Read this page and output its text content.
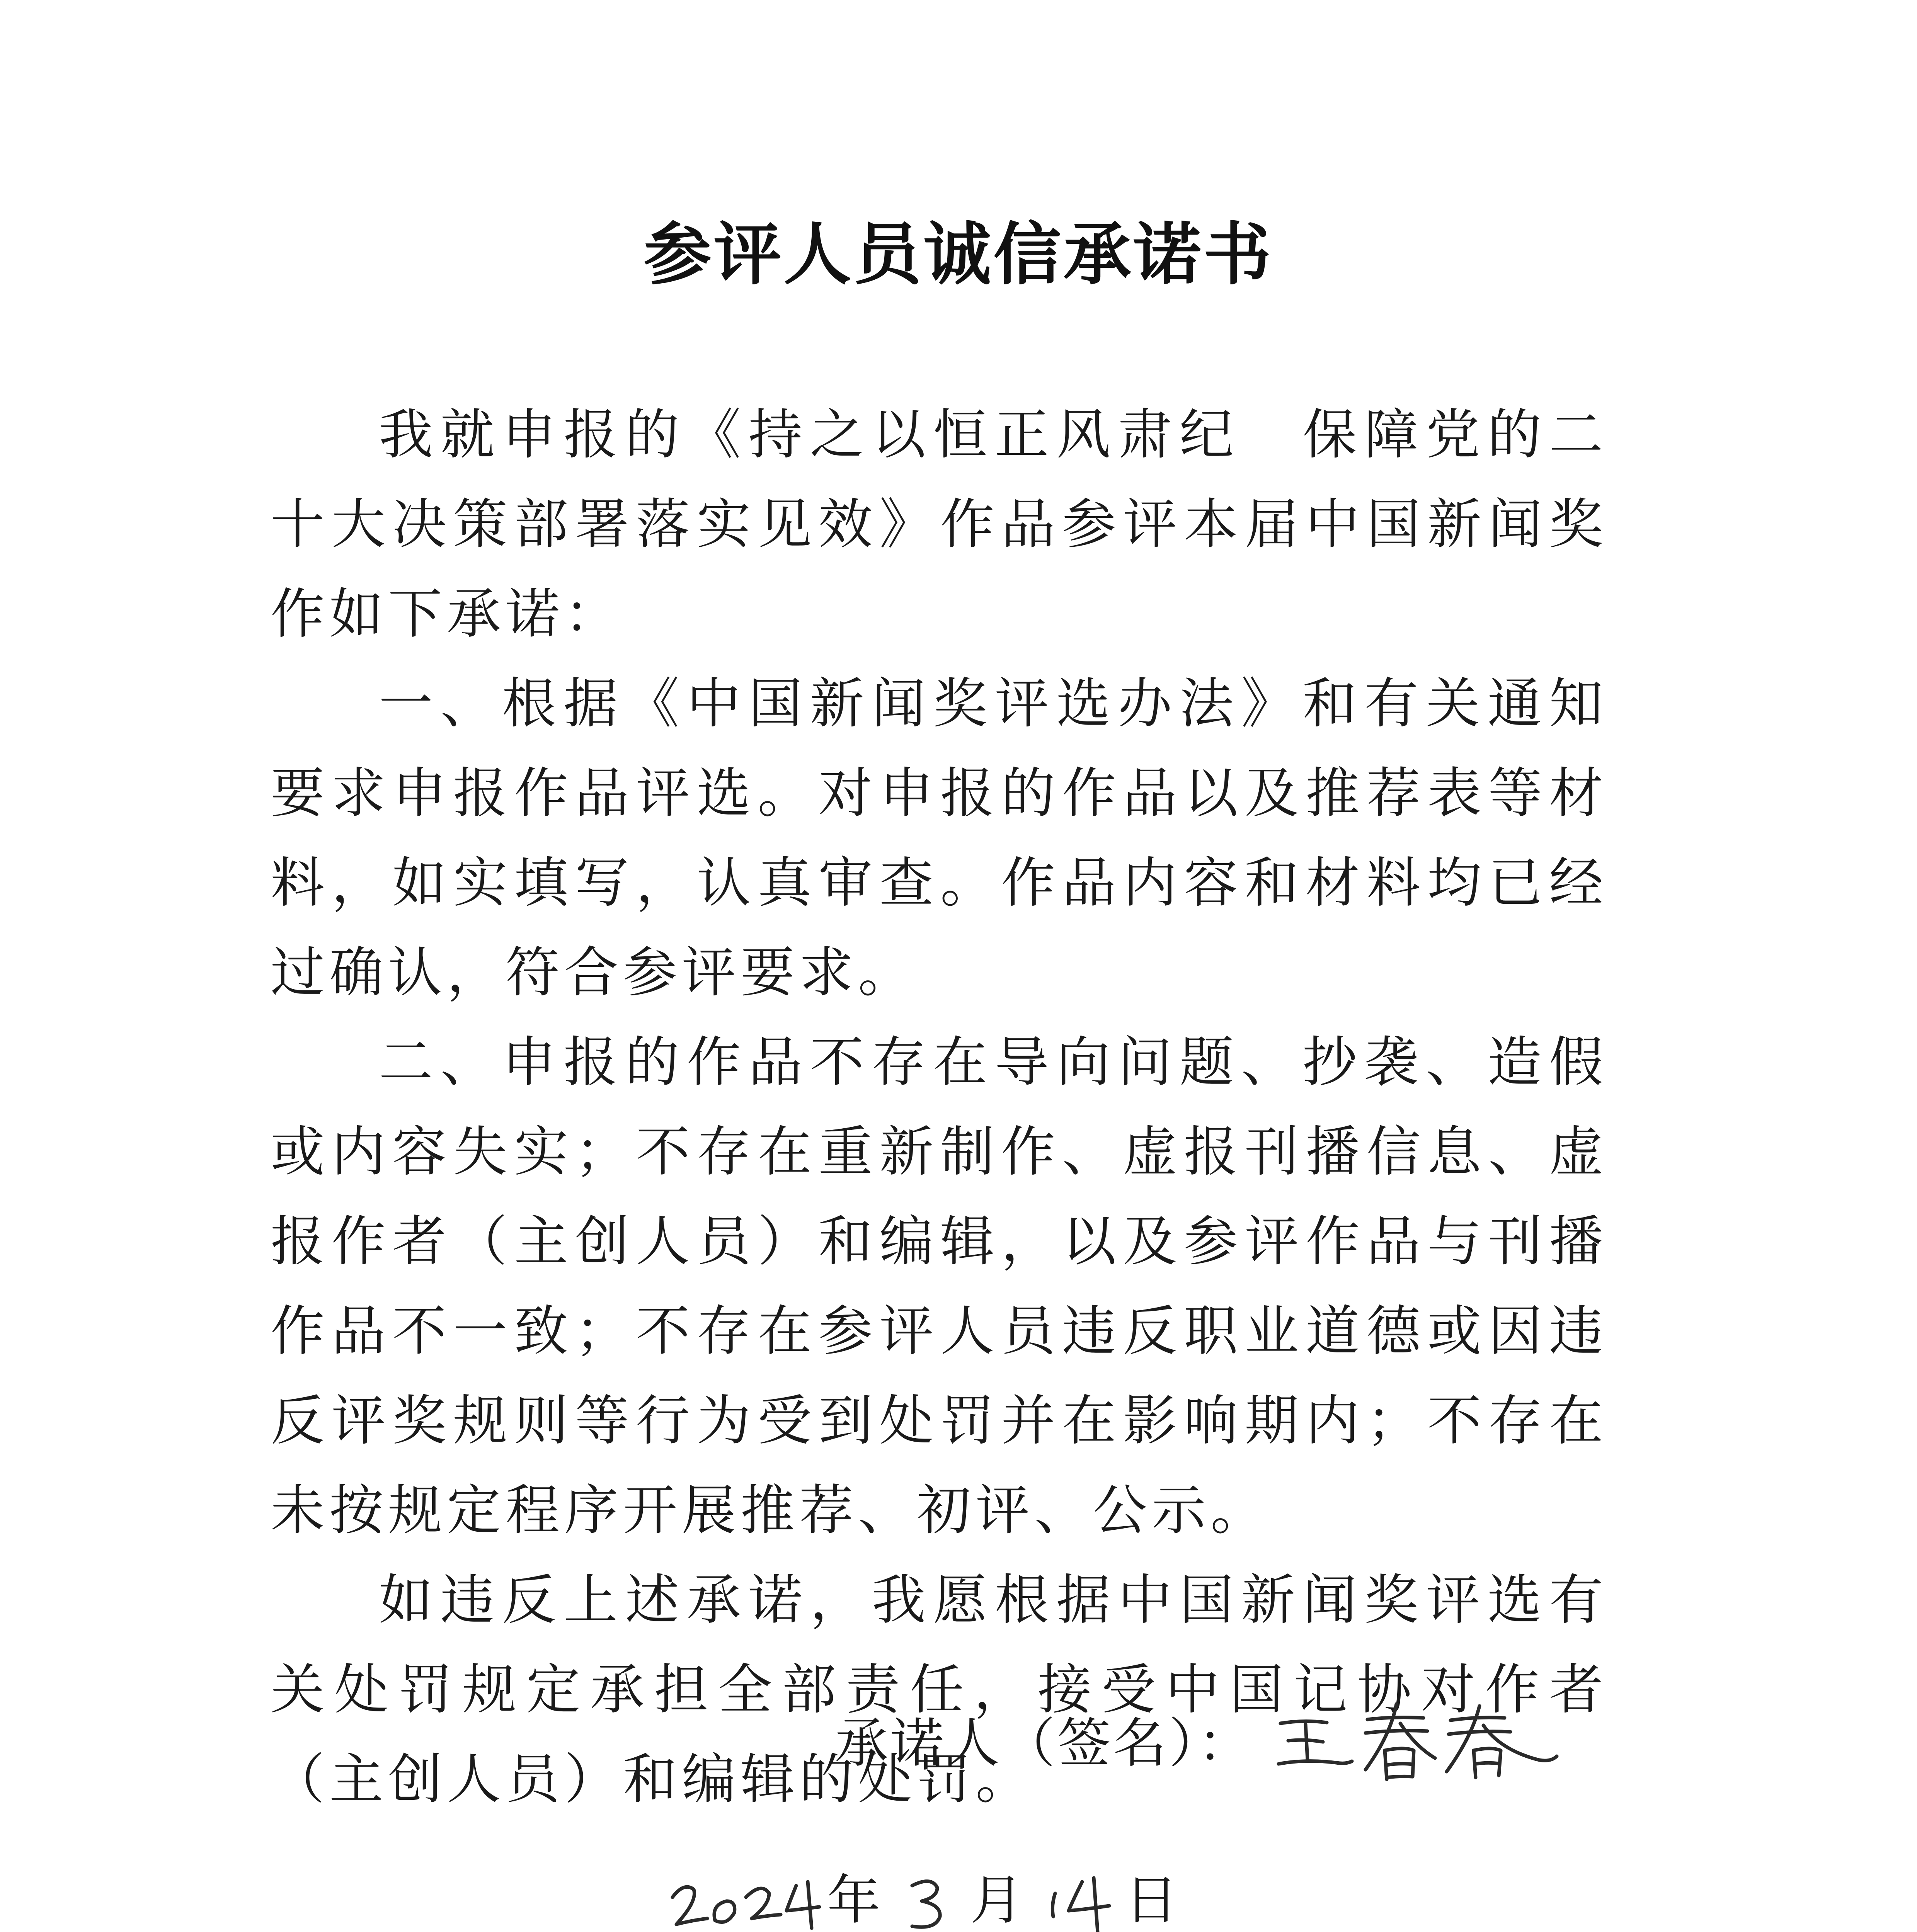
参评人员诚信承诺书

我就申报的《持之以恒正风肃纪　保障党的二十大决策部署落实见效》作品参评本届中国新闻奖作如下承诺：

一、根据《中国新闻奖评选办法》和有关通知要求申报作品评选。对申报的作品以及推荐表等材料，如实填写，认真审查。作品内容和材料均已经过确认，符合参评要求。

二、申报的作品不存在导向问题、抄袭、造假或内容失实；不存在重新制作、虚报刊播信息、虚报作者（主创人员）和编辑，以及参评作品与刊播作品不一致；不存在参评人员违反职业道德或因违反评奖规则等行为受到处罚并在影响期内；不存在未按规定程序开展推荐、初评、公示。

如违反上述承诺，我愿根据中国新闻奖评选有关处罚规定承担全部责任，接受中国记协对作者（主创人员）和编辑的处罚。

承诺人（签名）：
年 月 日
